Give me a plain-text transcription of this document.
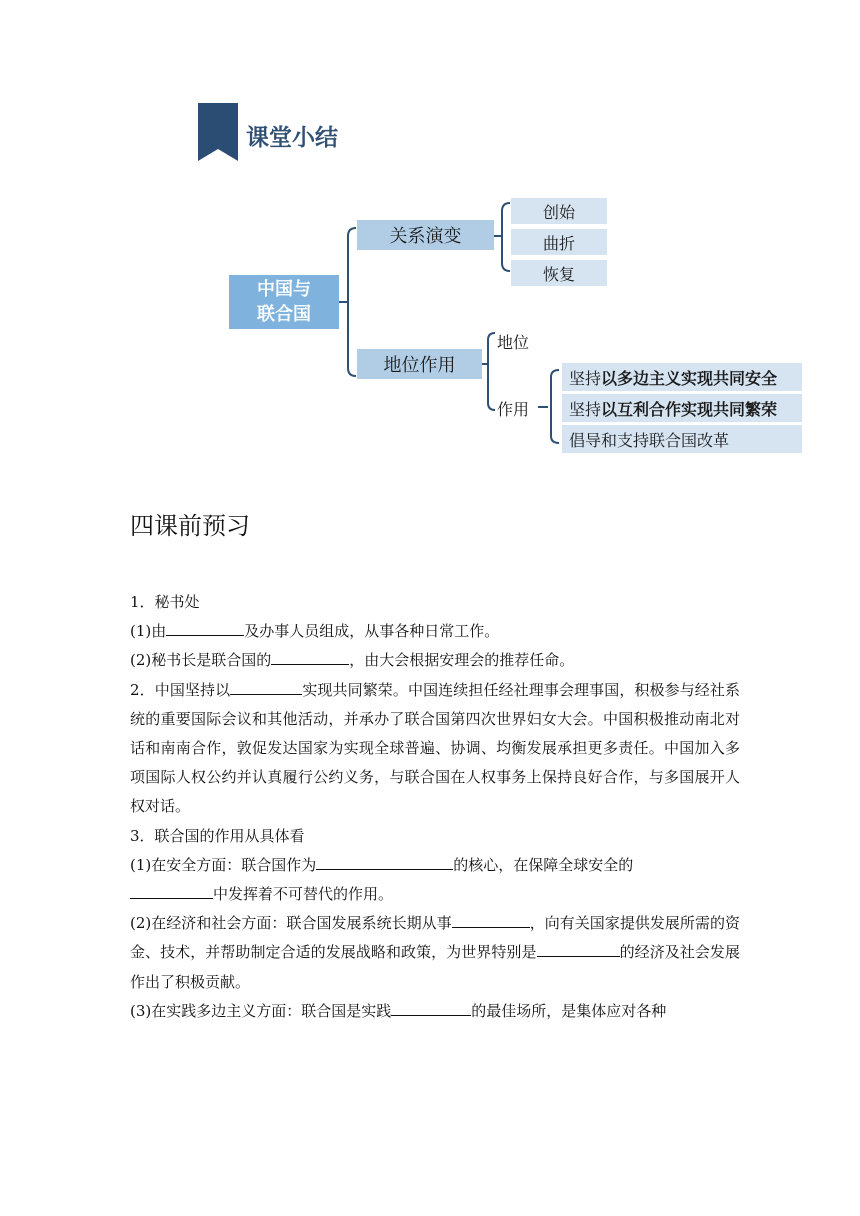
课堂小结
中国与
联合国
关系演变
创始
曲折
恢复
地位作用
地位
作用
坚持 以多边主义实现共同安全
坚持 以互利合作实现共同繁荣
倡导和支持联合国改革
四课前预习

1．秘书处

(1)由	及办事人员组成，从事各种日常工作。

(2)秘书长是联合国的	，由大会根据安理会的推荐任命。

2．中国坚持以	实现共同繁荣。中国连续担任经社理事会理事国，积极参与经社系统的重要国际会议和其他活动，并承办了联合国第四次世界妇女大会。中国积极推动南北对话和南南合作，敦促发达国家为实现全球普遍、协调、均衡发展承担更多责任。中国加入多项国际人权公约并认真履行公约义务，与联合国在人权事务上保持良好合作，与多国展开人权对话。

3．联合国的作用从具体看

(1)在安全方面：联合国作为	的核心，在保障全球安全的
中发挥着不可替代的作用。

(2)在经济和社会方面：联合国发展系统长期从事	，向有关国家提供发展所需的资金、技术，并帮助制定合适的发展战略和政策，为世界特别是	的经济及社会发展作出了积极贡献。

(3)在实践多边主义方面：联合国是实践	的最佳场所，是集体应对各种
